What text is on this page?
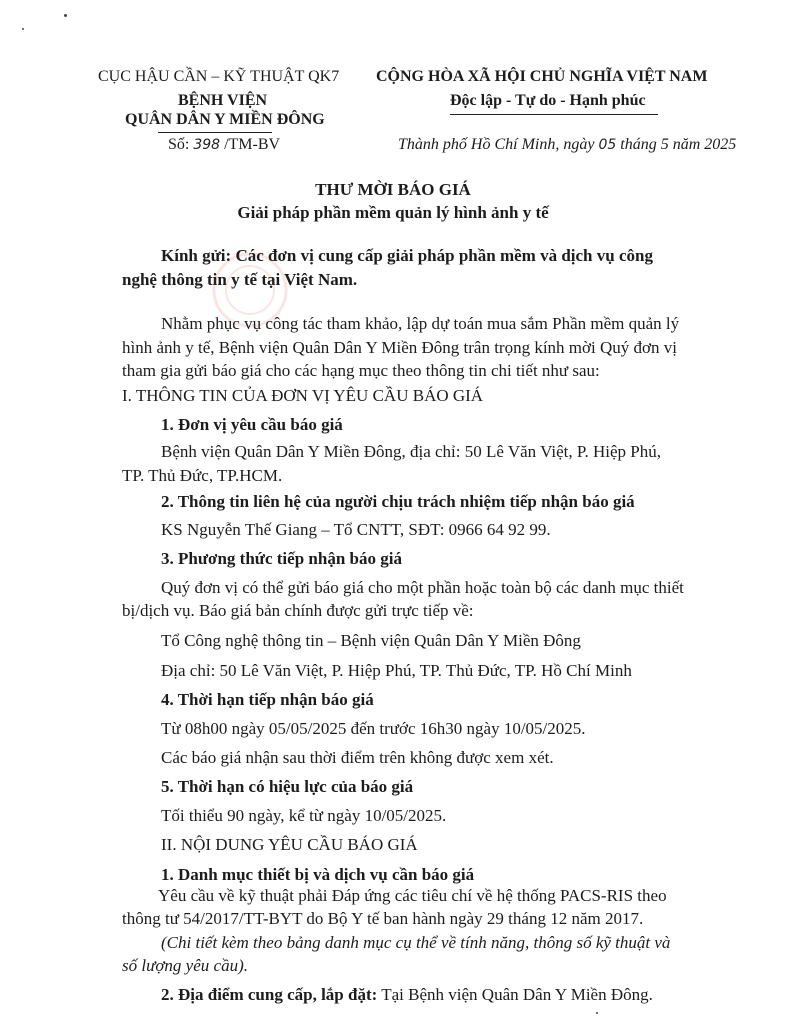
CỤC HẬU CẦN – KỸ THUẬT QK7
BỆNH VIỆN
QUÂN DÂN Y MIỀN ĐÔNG
Số: 398 /TM-BV
CỘNG HÒA XÃ HỘI CHỦ NGHĨA VIỆT NAM
Độc lập - Tự do - Hạnh phúc
Thành phố Hồ Chí Minh, ngày 05 tháng 5 năm 2025
THƯ MỜI BÁO GIÁ
Giải pháp phần mềm quản lý hình ảnh y tế
Kính gửi: Các đơn vị cung cấp giải pháp phần mềm và dịch vụ công
nghệ thông tin y tế tại Việt Nam.
Nhằm phục vụ công tác tham khảo, lập dự toán mua sắm Phần mềm quản lý
hình ảnh y tế, Bệnh viện Quân Dân Y Miền Đông trân trọng kính mời Quý đơn vị
tham gia gửi báo giá cho các hạng mục theo thông tin chi tiết như sau:
I. THÔNG TIN CỦA ĐƠN VỊ YÊU CẦU BÁO GIÁ
1. Đơn vị yêu cầu báo giá
Bệnh viện Quân Dân Y Miền Đông, địa chỉ: 50 Lê Văn Việt, P. Hiệp Phú,
TP. Thủ Đức, TP.HCM.
2. Thông tin liên hệ của người chịu trách nhiệm tiếp nhận báo giá
KS Nguyễn Thế Giang – Tổ CNTT, SĐT: 0966 64 92 99.
3. Phương thức tiếp nhận báo giá
Quý đơn vị có thể gửi báo giá cho một phần hoặc toàn bộ các danh mục thiết
bị/dịch vụ. Báo giá bản chính được gửi trực tiếp về:
Tổ Công nghệ thông tin – Bệnh viện Quân Dân Y Miền Đông
Địa chỉ: 50 Lê Văn Việt, P. Hiệp Phú, TP. Thủ Đức, TP. Hồ Chí Minh
4. Thời hạn tiếp nhận báo giá
Từ 08h00 ngày 05/05/2025 đến trước 16h30 ngày 10/05/2025.
Các báo giá nhận sau thời điểm trên không được xem xét.
5. Thời hạn có hiệu lực của báo giá
Tối thiểu 90 ngày, kể từ ngày 10/05/2025.
II. NỘI DUNG YÊU CẦU BÁO GIÁ
1. Danh mục thiết bị và dịch vụ cần báo giá
Yêu cầu về kỹ thuật phải Đáp ứng các tiêu chí về hệ thống PACS-RIS theo
thông tư 54/2017/TT-BYT do Bộ Y tế ban hành ngày 29 tháng 12 năm 2017.
(Chi tiết kèm theo bảng danh mục cụ thể về tính năng, thông số kỹ thuật và
số lượng yêu cầu).
2. Địa điểm cung cấp, lắp đặt: Tại Bệnh viện Quân Dân Y Miền Đông.
